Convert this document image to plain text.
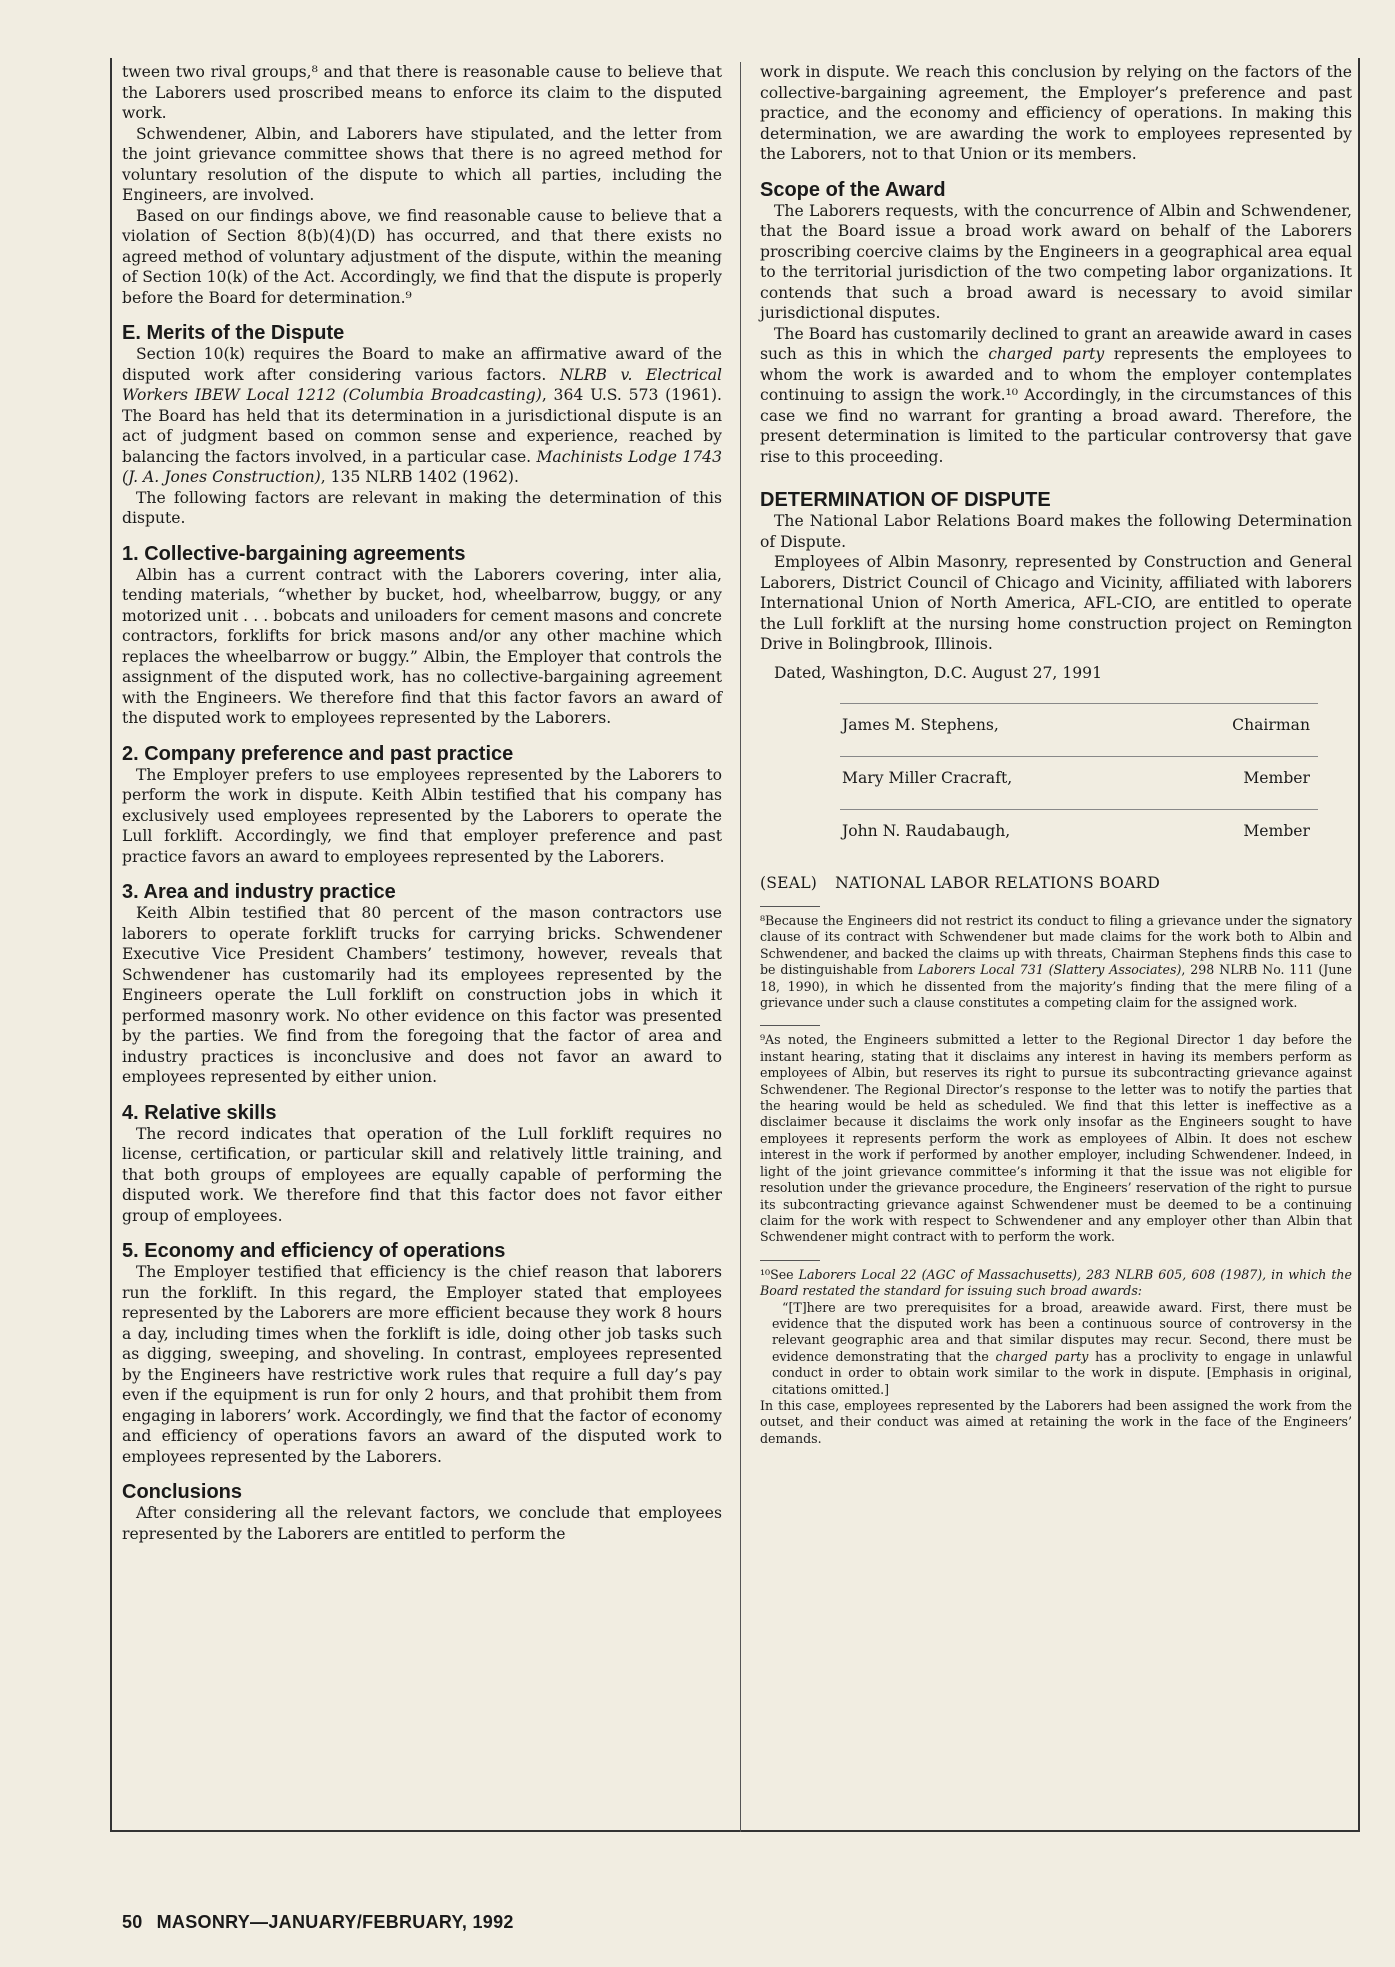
tween two rival groups,⁸ and that there is reasonable cause to believe that the Laborers used proscribed means to enforce its claim to the disputed work.

Schwendener, Albin, and Laborers have stipulated, and the letter from the joint grievance committee shows that there is no agreed method for voluntary resolution of the dispute to which all parties, including the Engineers, are involved.

Based on our findings above, we find reasonable cause to believe that a violation of Section 8(b)(4)(D) has occurred, and that there exists no agreed method of voluntary adjustment of the dispute, within the meaning of Section 10(k) of the Act. Accordingly, we find that the dispute is properly before the Board for determination.⁹

E. Merits of the Dispute

Section 10(k) requires the Board to make an affirmative award of the disputed work after considering various factors. NLRB v. Electrical Workers IBEW Local 1212 (Columbia Broadcasting), 364 U.S. 573 (1961). The Board has held that its determination in a jurisdictional dispute is an act of judgment based on common sense and experience, reached by balancing the factors involved, in a particular case. Machinists Lodge 1743 (J. A. Jones Construction), 135 NLRB 1402 (1962).

The following factors are relevant in making the determination of this dispute.

1. Collective-bargaining agreements

Albin has a current contract with the Laborers covering, inter alia, tending materials, “whether by bucket, hod, wheelbarrow, buggy, or any motorized unit . . . bobcats and uniloaders for cement masons and concrete contractors, forklifts for brick masons and/or any other machine which replaces the wheelbarrow or buggy.” Albin, the Employer that controls the assignment of the disputed work, has no collective-bargaining agreement with the Engineers. We therefore find that this factor favors an award of the disputed work to employees represented by the Laborers.

2. Company preference and past practice

The Employer prefers to use employees represented by the Laborers to perform the work in dispute. Keith Albin testified that his company has exclusively used employees represented by the Laborers to operate the Lull forklift. Accordingly, we find that employer preference and past practice favors an award to employees represented by the Laborers.

3. Area and industry practice

Keith Albin testified that 80 percent of the mason contractors use laborers to operate forklift trucks for carrying bricks. Schwendener Executive Vice President Chambers’ testimony, however, reveals that Schwendener has customarily had its employees represented by the Engineers operate the Lull forklift on construction jobs in which it performed masonry work. No other evidence on this factor was presented by the parties. We find from the foregoing that the factor of area and industry practices is inconclusive and does not favor an award to employees represented by either union.

4. Relative skills

The record indicates that operation of the Lull forklift requires no license, certification, or particular skill and relatively little training, and that both groups of employees are equally capable of performing the disputed work. We therefore find that this factor does not favor either group of employees.

5. Economy and efficiency of operations

The Employer testified that efficiency is the chief reason that laborers run the forklift. In this regard, the Employer stated that employees represented by the Laborers are more efficient because they work 8 hours a day, including times when the forklift is idle, doing other job tasks such as digging, sweeping, and shoveling. In contrast, employees represented by the Engineers have restrictive work rules that require a full day’s pay even if the equipment is run for only 2 hours, and that prohibit them from engaging in laborers’ work. Accordingly, we find that the factor of economy and efficiency of operations favors an award of the disputed work to employees represented by the Laborers.

Conclusions

After considering all the relevant factors, we conclude that employees represented by the Laborers are entitled to perform the

work in dispute. We reach this conclusion by relying on the factors of the collective-bargaining agreement, the Employer’s preference and past practice, and the economy and efficiency of operations. In making this determination, we are awarding the work to employees represented by the Laborers, not to that Union or its members.

Scope of the Award

The Laborers requests, with the concurrence of Albin and Schwendener, that the Board issue a broad work award on behalf of the Laborers proscribing coercive claims by the Engineers in a geographical area equal to the territorial jurisdiction of the two competing labor organizations. It contends that such a broad award is necessary to avoid similar jurisdictional disputes.

The Board has customarily declined to grant an areawide award in cases such as this in which the charged party represents the employees to whom the work is awarded and to whom the employer contemplates continuing to assign the work.¹⁰ Accordingly, in the circumstances of this case we find no warrant for granting a broad award. Therefore, the present determination is limited to the particular controversy that gave rise to this proceeding.

DETERMINATION OF DISPUTE

The National Labor Relations Board makes the following Determination of Dispute.

Employees of Albin Masonry, represented by Construction and General Laborers, District Council of Chicago and Vicinity, affiliated with laborers International Union of North America, AFL-CIO, are entitled to operate the Lull forklift at the nursing home construction project on Remington Drive in Bolingbrook, Illinois.

Dated, Washington, D.C. August 27, 1991

James M. Stephens,	Chairman
Mary Miller Cracraft,	Member
John N. Raudabaugh,	Member
(SEAL) NATIONAL LABOR RELATIONS BOARD

⁸Because the Engineers did not restrict its conduct to filing a grievance under the signatory clause of its contract with Schwendener but made claims for the work both to Albin and Schwendener, and backed the claims up with threats, Chairman Stephens finds this case to be distinguishable from Laborers Local 731 (Slattery Associates), 298 NLRB No. 111 (June 18, 1990), in which he dissented from the majority’s finding that the mere filing of a grievance under such a clause constitutes a competing claim for the assigned work.

⁹As noted, the Engineers submitted a letter to the Regional Director 1 day before the instant hearing, stating that it disclaims any interest in having its members perform as employees of Albin, but reserves its right to pursue its subcontracting grievance against Schwendener. The Regional Director’s response to the letter was to notify the parties that the hearing would be held as scheduled. We find that this letter is ineffective as a disclaimer because it disclaims the work only insofar as the Engineers sought to have employees it represents perform the work as employees of Albin. It does not eschew interest in the work if performed by another employer, including Schwendener. Indeed, in light of the joint grievance committee’s informing it that the issue was not eligible for resolution under the grievance procedure, the Engineers’ reservation of the right to pursue its subcontracting grievance against Schwendener must be deemed to be a continuing claim for the work with respect to Schwendener and any employer other than Albin that Schwendener might contract with to perform the work.

¹⁰See Laborers Local 22 (AGC of Massachusetts), 283 NLRB 605, 608 (1987), in which the Board restated the standard for issuing such broad awards:

“[T]here are two prerequisites for a broad, areawide award. First, there must be evidence that the disputed work has been a continuous source of controversy in the relevant geographic area and that similar disputes may recur. Second, there must be evidence demonstrating that the charged party has a proclivity to engage in unlawful conduct in order to obtain work similar to the work in dispute. [Emphasis in original, citations omitted.]

In this case, employees represented by the Laborers had been assigned the work from the outset, and their conduct was aimed at retaining the work in the face of the Engineers’ demands.

50 MASONRY—JANUARY/FEBRUARY, 1992
